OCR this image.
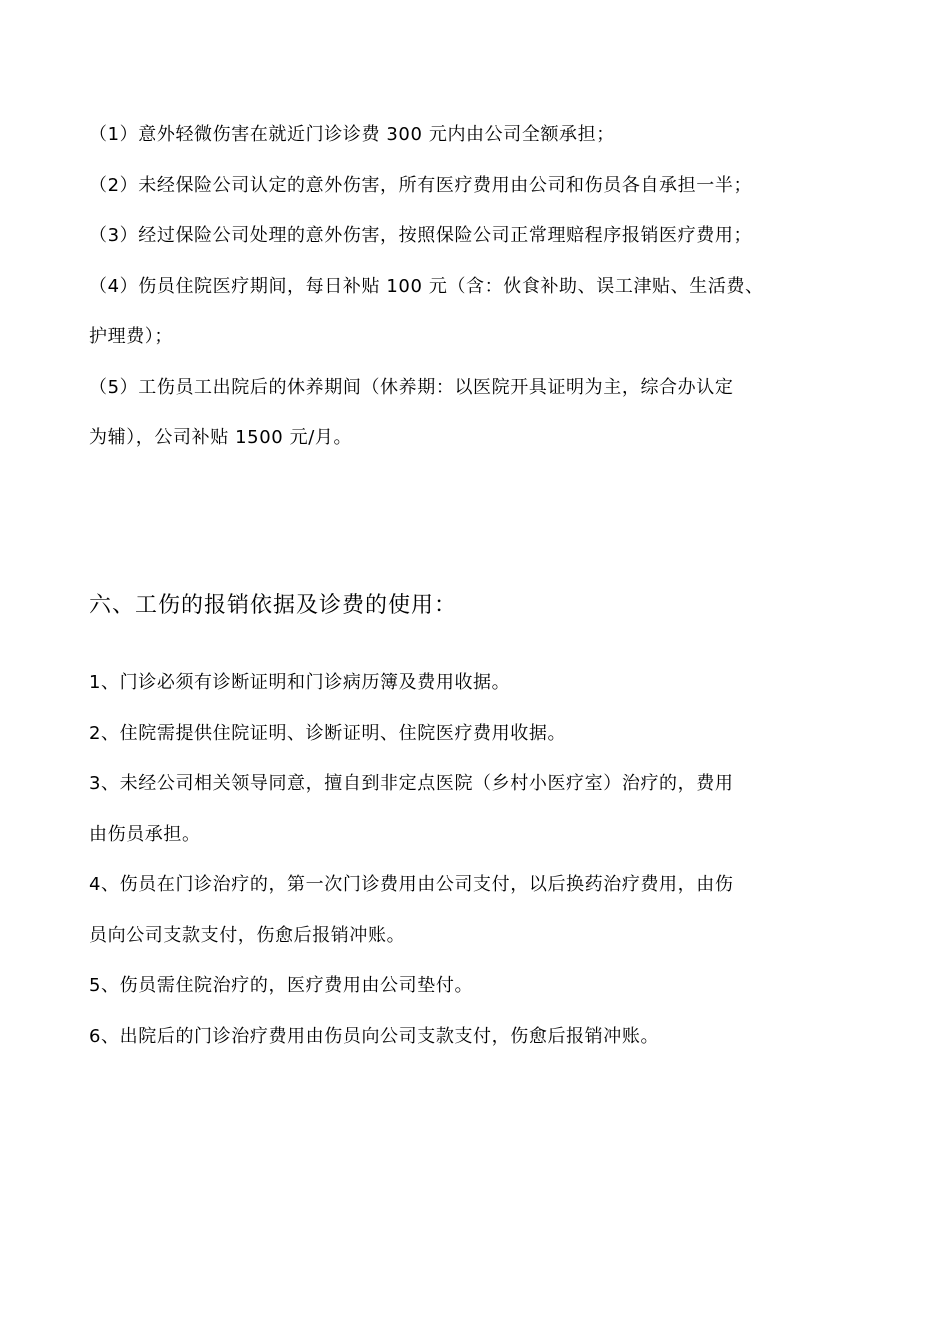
（1）意外轻微伤害在就近门诊诊费 300 元内由公司全额承担；
（2）未经保险公司认定的意外伤害，所有医疗费用由公司和伤员各自承担一半；
（3）经过保险公司处理的意外伤害，按照保险公司正常理赔程序报销医疗费用；
（4）伤员住院医疗期间，每日补贴 100 元（含：伙食补助、误工津贴、生活费、
护理费）；
（5）工伤员工出院后的休养期间（休养期：以医院开具证明为主，综合办认定
为辅），公司补贴 1500 元/月。
六、工伤的报销依据及诊费的使用：
1、门诊必须有诊断证明和门诊病历簿及费用收据。
2、住院需提供住院证明、诊断证明、住院医疗费用收据。
3、未经公司相关领导同意，擅自到非定点医院（乡村小医疗室）治疗的，费用
由伤员承担。
4、伤员在门诊治疗的，第一次门诊费用由公司支付，以后换药治疗费用，由伤
员向公司支款支付，伤愈后报销冲账。
5、伤员需住院治疗的，医疗费用由公司垫付。
6、出院后的门诊治疗费用由伤员向公司支款支付，伤愈后报销冲账。
